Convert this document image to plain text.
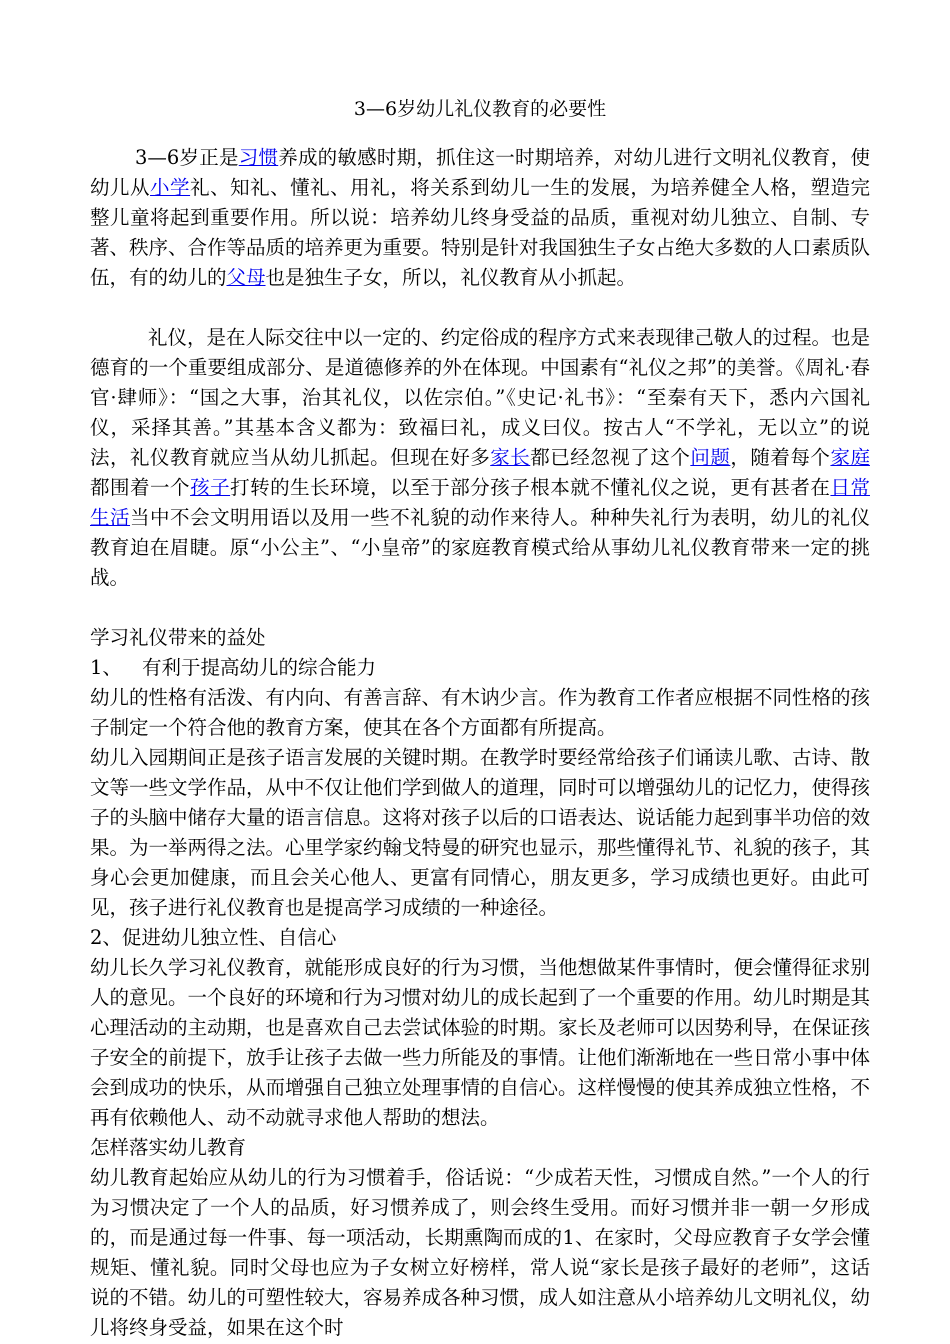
3—6岁幼儿礼仪教育的必要性

3—6岁正是习惯养成的敏感时期，抓住这一时期培养，对幼儿进行文明礼仪教育，使幼儿从小学礼、知礼、懂礼、用礼，将关系到幼儿一生的发展，为培养健全人格，塑造完整儿童将起到重要作用。所以说：培养幼儿终身受益的品质，重视对幼儿独立、自制、专著、秩序、合作等品质的培养更为重要。特别是针对我国独生子女占绝大多数的人口素质队伍，有的幼儿的父母也是独生子女，所以，礼仪教育从小抓起。

礼仪，是在人际交往中以一定的、约定俗成的程序方式来表现律己敬人的过程。也是德育的一个重要组成部分、是道德修养的外在体现。中国素有“礼仪之邦”的美誉。《周礼·春官·肆师》：“国之大事，治其礼仪，以佐宗伯。”《史记·礼书》：“至秦有天下，悉内六国礼仪，采择其善。”其基本含义都为：致福曰礼，成义曰仪。按古人“不学礼，无以立”的说法，礼仪教育就应当从幼儿抓起。但现在好多家长都已经忽视了这个问题，随着每个家庭都围着一个孩子打转的生长环境，以至于部分孩子根本就不懂礼仪之说，更有甚者在日常生活当中不会文明用语以及用一些不礼貌的动作来待人。种种失礼行为表明，幼儿的礼仪教育迫在眉睫。原“小公主”、“小皇帝”的家庭教育模式给从事幼儿礼仪教育带来一定的挑战。

学习礼仪带来的益处

1、 有利于提高幼儿的综合能力

幼儿的性格有活泼、有内向、有善言辞、有木讷少言。作为教育工作者应根据不同性格的孩子制定一个符合他的教育方案，使其在各个方面都有所提高。

幼儿入园期间正是孩子语言发展的关键时期。在教学时要经常给孩子们诵读儿歌、古诗、散文等一些文学作品，从中不仅让他们学到做人的道理，同时可以增强幼儿的记忆力，使得孩子的头脑中储存大量的语言信息。这将对孩子以后的口语表达、说话能力起到事半功倍的效果。为一举两得之法。心里学家约翰戈特曼的研究也显示，那些懂得礼节、礼貌的孩子，其身心会更加健康，而且会关心他人、更富有同情心，朋友更多，学习成绩也更好。由此可见，孩子进行礼仪教育也是提高学习成绩的一种途径。

2、促进幼儿独立性、自信心

幼儿长久学习礼仪教育，就能形成良好的行为习惯，当他想做某件事情时，便会懂得征求别人的意见。一个良好的环境和行为习惯对幼儿的成长起到了一个重要的作用。幼儿时期是其心理活动的主动期，也是喜欢自己去尝试体验的时期。家长及老师可以因势利导，在保证孩子安全的前提下，放手让孩子去做一些力所能及的事情。让他们渐渐地在一些日常小事中体会到成功的快乐，从而增强自己独立处理事情的自信心。这样慢慢的使其养成独立性格，不再有依赖他人、动不动就寻求他人帮助的想法。

怎样落实幼儿教育

幼儿教育起始应从幼儿的行为习惯着手，俗话说：“少成若天性，习惯成自然。”一个人的行为习惯决定了一个人的品质，好习惯养成了，则会终生受用。而好习惯并非一朝一夕形成的，而是通过每一件事、每一项活动，长期熏陶而成的1、在家时，父母应教育子女学会懂规矩、懂礼貌。同时父母也应为子女树立好榜样，常人说“家长是孩子最好的老师”，这话说的不错。幼儿的可塑性较大，容易养成各种习惯，成人如注意从小培养幼儿文明礼仪，幼儿将终身受益，如果在这个时
